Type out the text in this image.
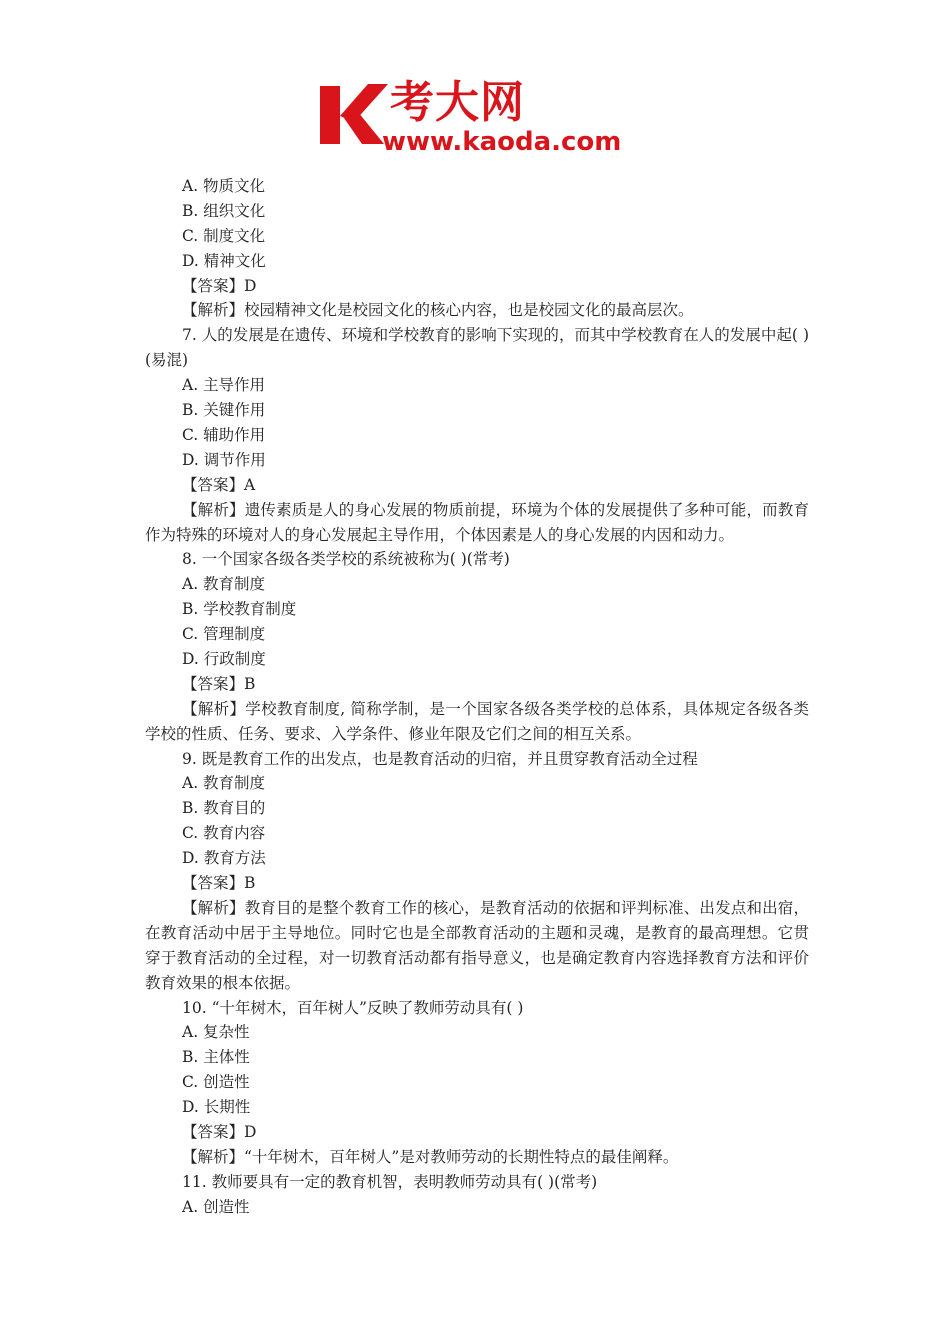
考大网
www.kaoda.com
A. 物质文化
B. 组织文化
C. 制度文化
D. 精神文化
【答案】D
【解析】校园精神文化是校园文化的核心内容，也是校园文化的最高层次。
7. 人的发展是在遗传、环境和学校教育的影响下实现的，而其中学校教育在人的发展中起( )(易混)
A. 主导作用
B. 关键作用
C. 辅助作用
D. 调节作用
【答案】A
【解析】遗传素质是人的身心发展的物质前提，环境为个体的发展提供了多种可能，而教育作为特殊的环境对人的身心发展起主导作用，个体因素是人的身心发展的内因和动力。
8. 一个国家各级各类学校的系统被称为( )(常考)
A. 教育制度
B. 学校教育制度
C. 管理制度
D. 行政制度
【答案】B
【解析】学校教育制度, 简称学制，是一个国家各级各类学校的总体系，具体规定各级各类学校的性质、任务、要求、入学条件、修业年限及它们之间的相互关系。
9. 既是教育工作的出发点，也是教育活动的归宿，并且贯穿教育活动全过程
A. 教育制度
B. 教育目的
C. 教育内容
D. 教育方法
【答案】B
【解析】教育目的是整个教育工作的核心，是教育活动的依据和评判标准、出发点和出宿，在教育活动中居于主导地位。同时它也是全部教育活动的主题和灵魂，是教育的最高理想。它贯穿于教育活动的全过程，对一切教育活动都有指导意义，也是确定教育内容选择教育方法和评价教育效果的根本依据。
10. “十年树木，百年树人”反映了教师劳动具有( )
A. 复杂性
B. 主体性
C. 创造性
D. 长期性
【答案】D
【解析】“十年树木，百年树人”是对教师劳动的长期性特点的最佳阐释。
11. 教师要具有一定的教育机智，表明教师劳动具有( )(常考)
A. 创造性
